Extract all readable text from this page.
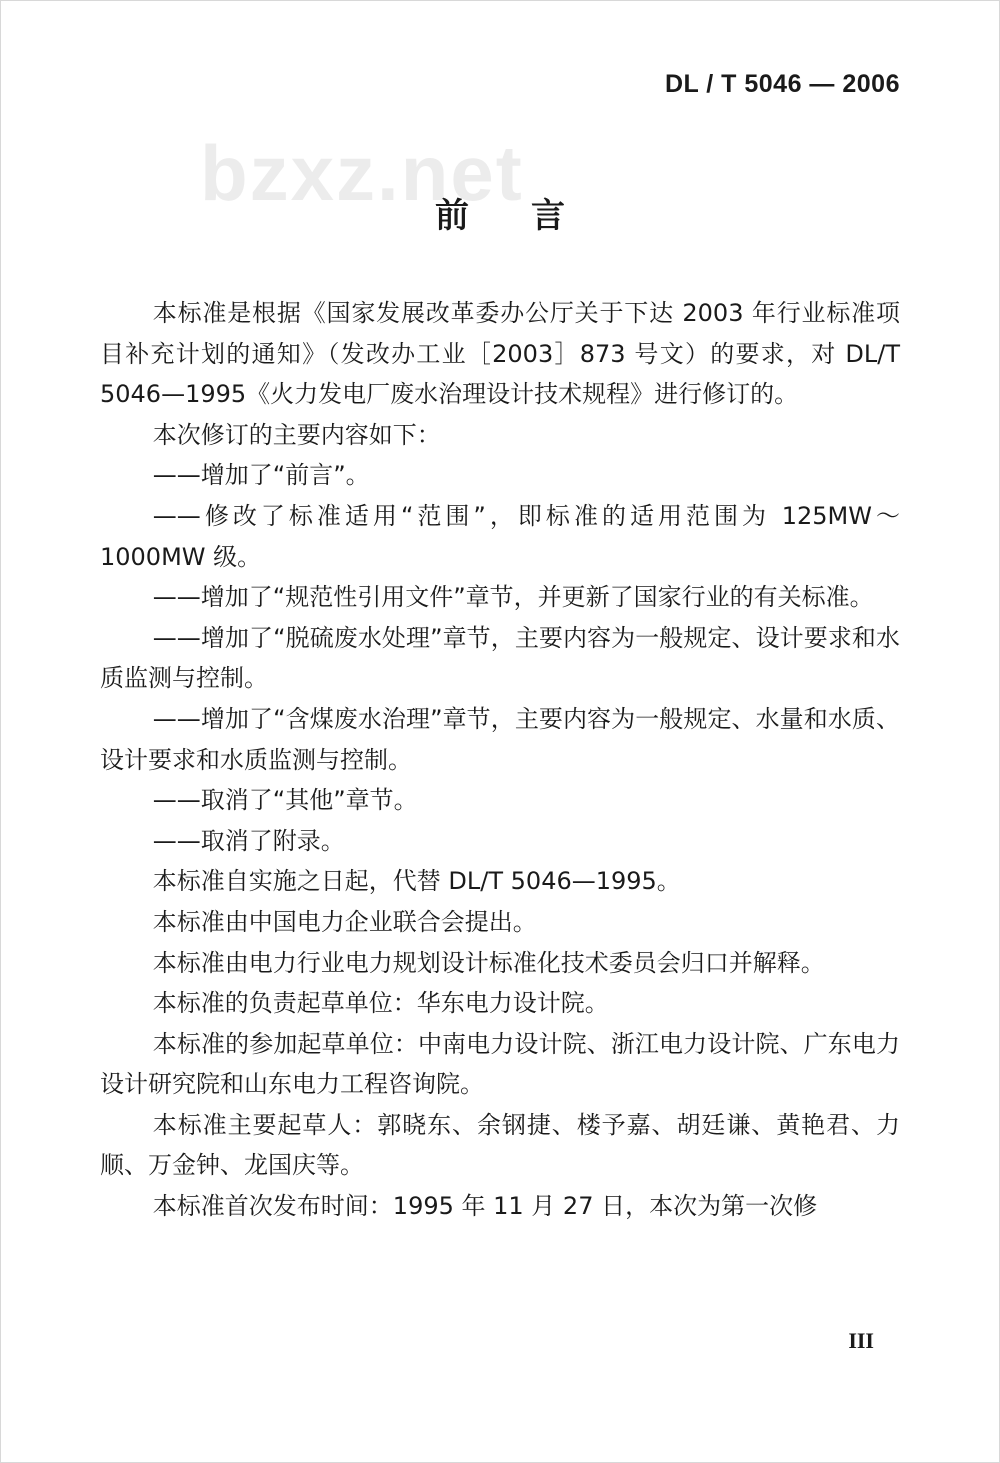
DL / T 5046 — 2006
bzxz.net
前言

本标准是根据《国家发展改革委办公厅关于下达 2003 年行业标准项目补充计划的通知》（发改办工业［2003］873 号文）的要求，对 DL/T 5046—1995《火力发电厂废水治理设计技术规程》进行修订的。

本次修订的主要内容如下：

——增加了“前言”。

——修改了标准适用“范围”，即标准的适用范围为 125MW～1000MW 级。

——增加了“规范性引用文件”章节，并更新了国家行业的有关标准。

——增加了“脱硫废水处理”章节，主要内容为一般规定、设计要求和水质监测与控制。

——增加了“含煤废水治理”章节，主要内容为一般规定、水量和水质、设计要求和水质监测与控制。

——取消了“其他”章节。

——取消了附录。

本标准自实施之日起，代替 DL/T 5046—1995。

本标准由中国电力企业联合会提出。

本标准由电力行业电力规划设计标准化技术委员会归口并解释。

本标准的负责起草单位：华东电力设计院。

本标准的参加起草单位：中南电力设计院、浙江电力设计院、广东电力设计研究院和山东电力工程咨询院。

本标准主要起草人：郭晓东、余钢捷、楼予嘉、胡廷谦、黄艳君、力顺、万金钟、龙国庆等。

本标准首次发布时间：1995 年 11 月 27 日，本次为第一次修

III
